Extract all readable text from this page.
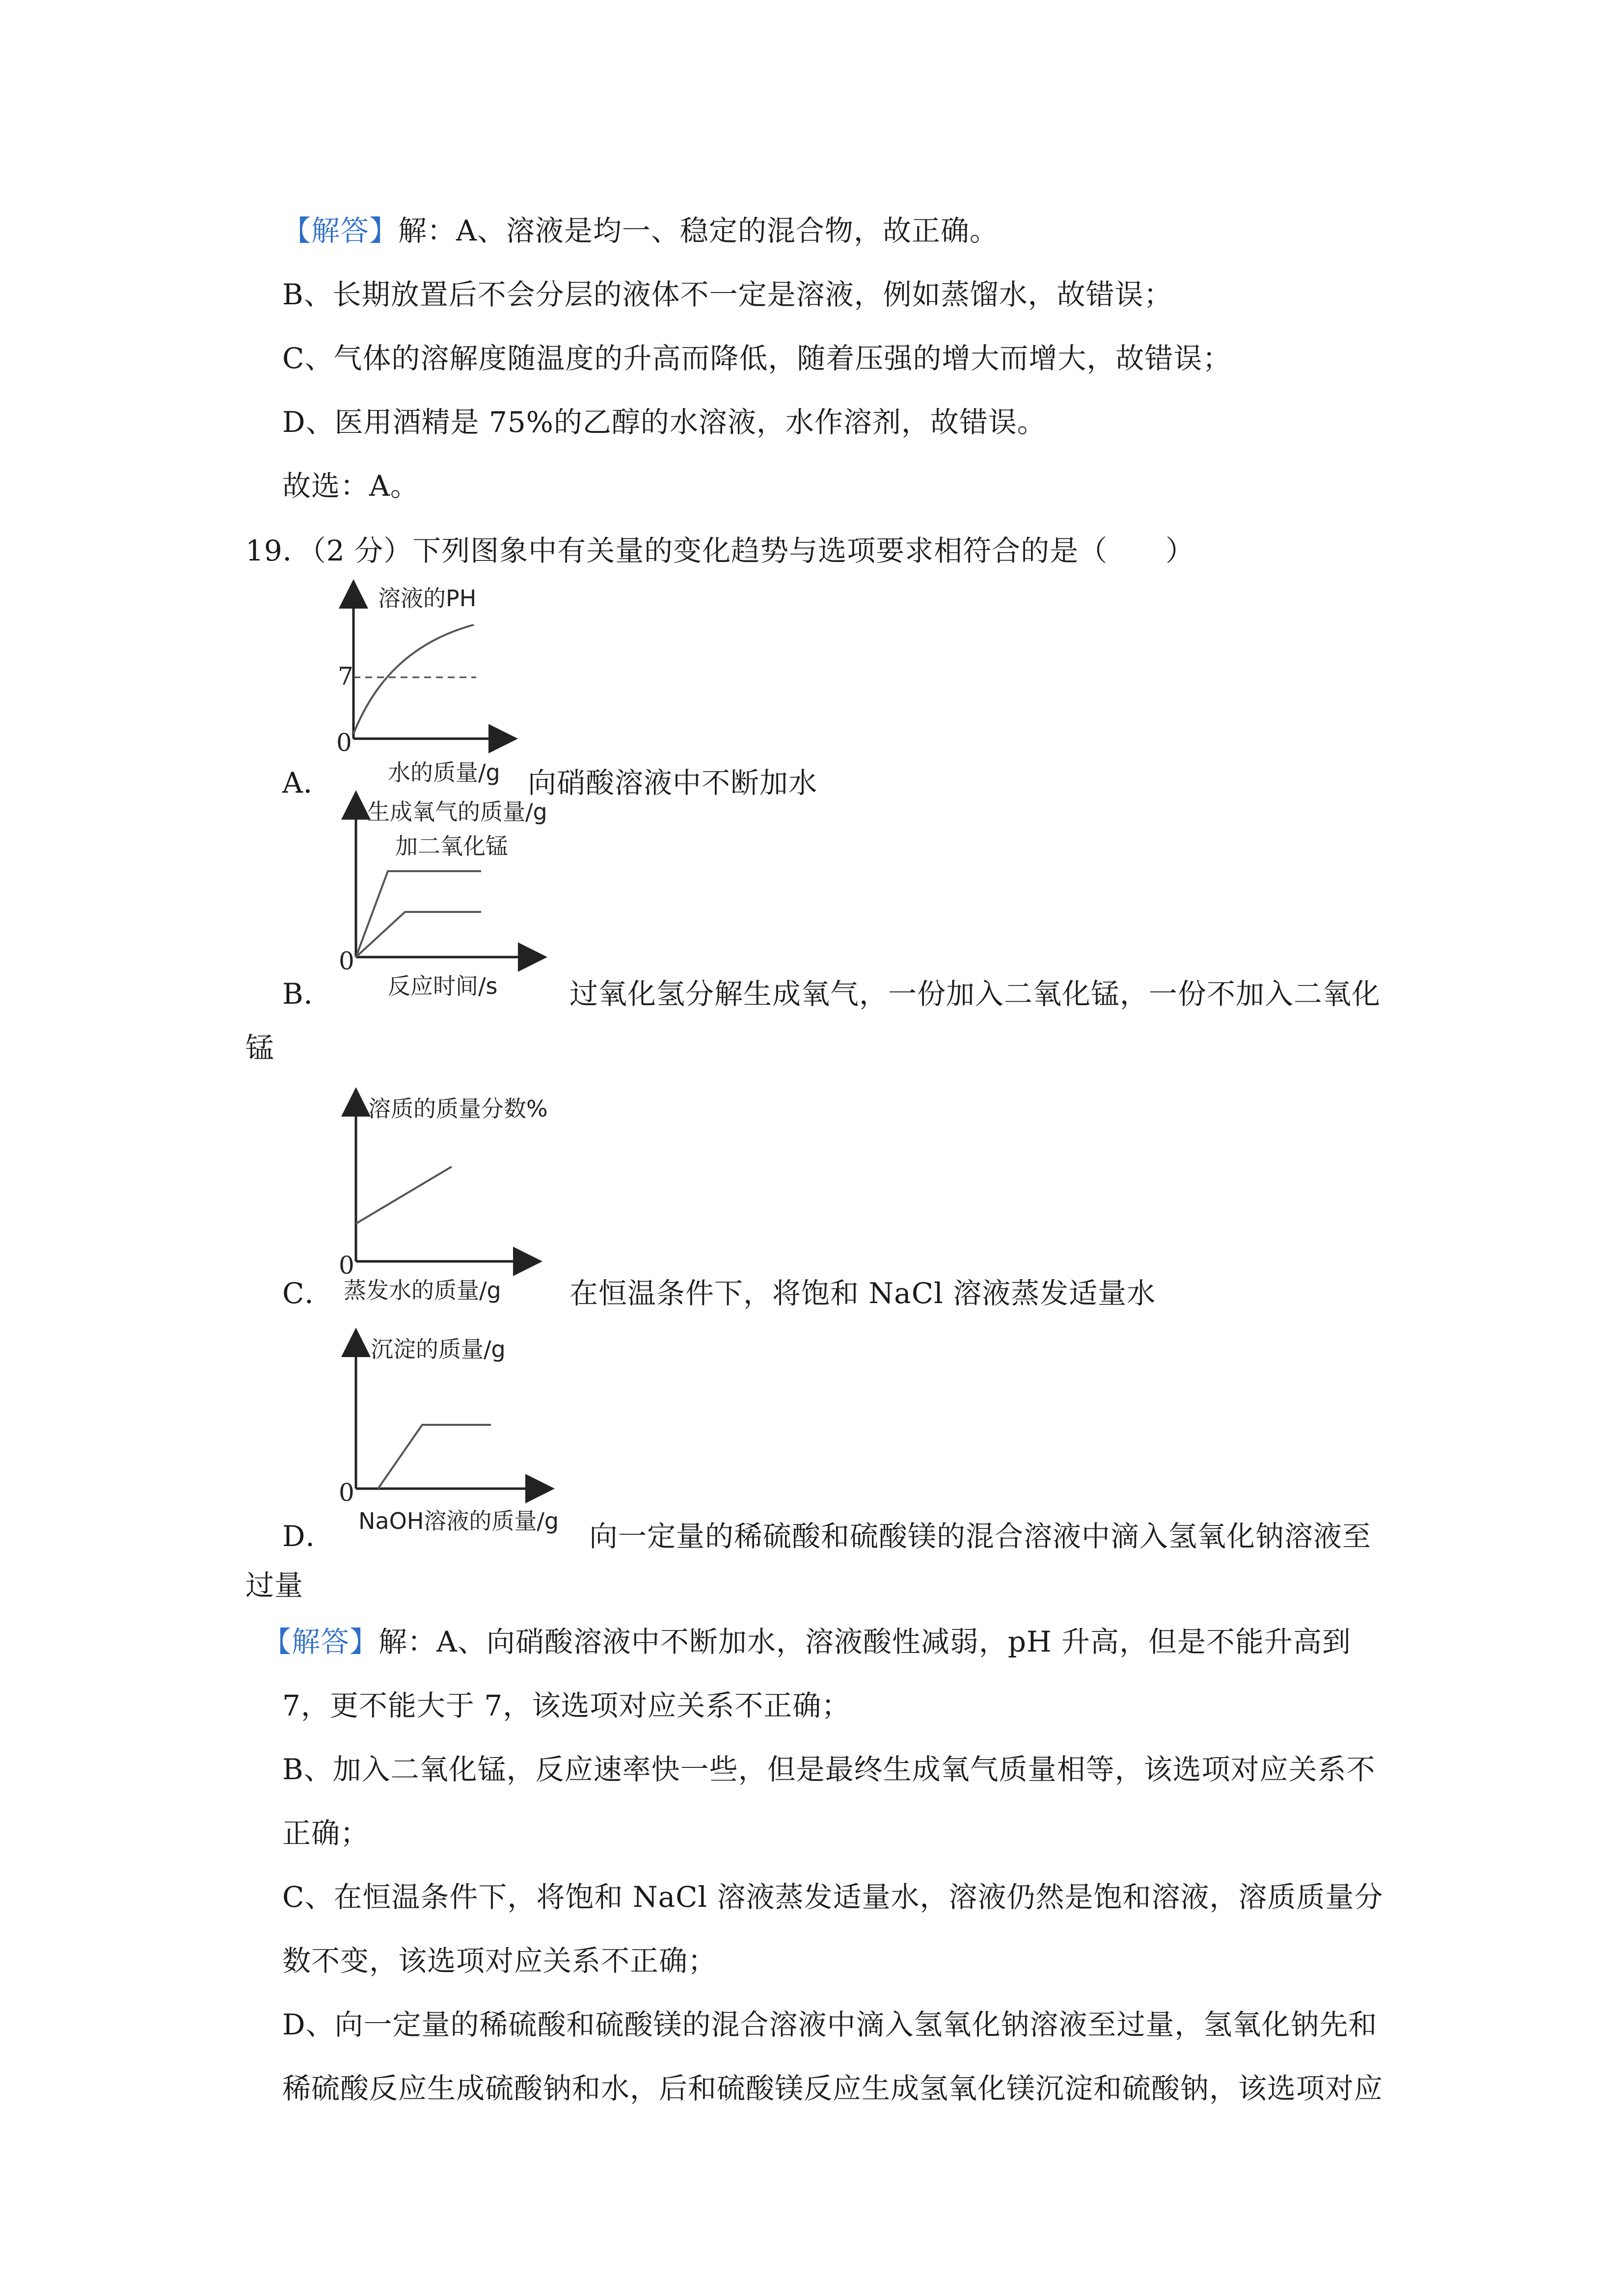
【解答】解：A、溶液是均一、稳定的混合物，故正确。
B、长期放置后不会分层的液体不一定是溶液，例如蒸馏水，故错误；
C、气体的溶解度随温度的升高而降低，随着压强的增大而增大，故错误；
D、医用酒精是 75%的乙醇的水溶液，水作溶剂，故错误。
故选：A。
19．（2 分）下列图象中有关量的变化趋势与选项要求相符合的是（　　）
溶液的PH
7
0
水的质量/g
A．	向硝酸溶液中不断加水
生成氧气的质量/g
加二氧化锰
0
反应时间/s
B．	过氧化氢分解生成氧气，一份加入二氧化锰，一份不加入二氧化
锰
溶质的质量分数%
0
蒸发水的质量/g
C．	在恒温条件下，将饱和 NaCl 溶液蒸发适量水
沉淀的质量/g
0
NaOH溶液的质量/g
D．	向一定量的稀硫酸和硫酸镁的混合溶液中滴入氢氧化钠溶液至
过量
【解答】解：A、向硝酸溶液中不断加水，溶液酸性减弱，pH 升高，但是不能升高到
7，更不能大于 7，该选项对应关系不正确；
B、加入二氧化锰，反应速率快一些，但是最终生成氧气质量相等，该选项对应关系不
正确；
C、在恒温条件下，将饱和 NaCl 溶液蒸发适量水，溶液仍然是饱和溶液，溶质质量分
数不变，该选项对应关系不正确；
D、向一定量的稀硫酸和硫酸镁的混合溶液中滴入氢氧化钠溶液至过量，氢氧化钠先和
稀硫酸反应生成硫酸钠和水，后和硫酸镁反应生成氢氧化镁沉淀和硫酸钠，该选项对应
